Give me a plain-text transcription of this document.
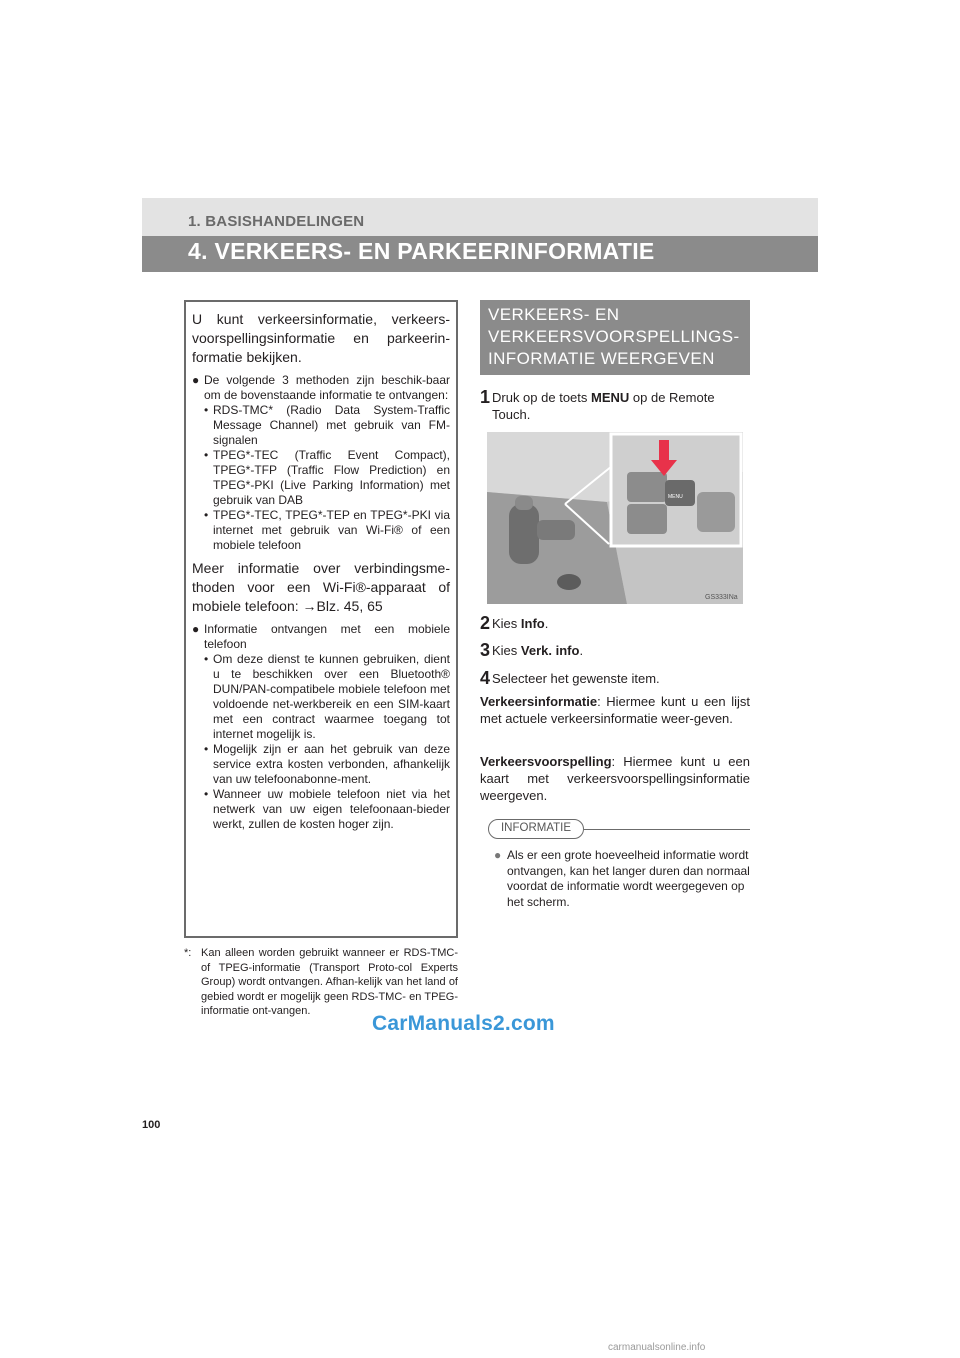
1. BASISHANDELINGEN
4. VERKEERS- EN PARKEERINFORMATIE

U kunt verkeersinformatie, verkeers-voorspellingsinformatie en parkeerin-formatie bekijken.

● De volgende 3 methoden zijn beschik-baar om de bovenstaande informatie te ontvangen:
• RDS-TMC* (Radio Data System-Traffic Message Channel) met gebruik van FM-signalen
• TPEG*-TEC (Traffic Event Compact), TPEG*-TFP (Traffic Flow Prediction) en TPEG*-PKI (Live Parking Information) met gebruik van DAB
• TPEG*-TEC, TPEG*-TEP en TPEG*-PKI via internet met gebruik van Wi-Fi® of een mobiele telefoon

Meer informatie over verbindingsme-thoden voor een Wi-Fi®-apparaat of mobiele telefoon: →Blz. 45, 65

● Informatie ontvangen met een mobiele telefoon
• Om deze dienst te kunnen gebruiken, dient u te beschikken over een Bluetooth® DUN/PAN-compatibele mobiele telefoon met voldoende net-werkbereik en een SIM-kaart met een contract waarmee toegang tot internet mogelijk is.
• Mogelijk zijn er aan het gebruik van deze service extra kosten verbonden, afhankelijk van uw telefoonabonne-ment.
• Wanneer uw mobiele telefoon niet via het netwerk van uw eigen telefoonaan-bieder werkt, zullen de kosten hoger zijn.
*: Kan alleen worden gebruikt wanneer er RDS-TMC- of TPEG-informatie (Transport Proto-col Experts Group) wordt ontvangen. Afhan-kelijk van het land of gebied wordt er mogelijk geen RDS-TMC- en TPEG-informatie ont-vangen.
VERKEERS- EN
VERKEERSVOORSPELLINGS-
INFORMATIE WEERGEVEN
1 Druk op de toets MENU op de Remote Touch.
MENU
GS333INa
2 Kies Info.
3 Kies Verk. info.
4 Selecteer het gewenste item.
Verkeersinformatie: Hiermee kunt u een lijst met actuele verkeersinformatie weer-geven.
Verkeersvoorspelling: Hiermee kunt u een kaart met verkeersvoorspellingsinformatie weergeven.
INFORMATIE
● Als er een grote hoeveelheid informatie wordt ontvangen, kan het langer duren dan normaal voordat de informatie wordt weergegeven op het scherm.
100
CarManuals2.com
carmanualsonline.info
